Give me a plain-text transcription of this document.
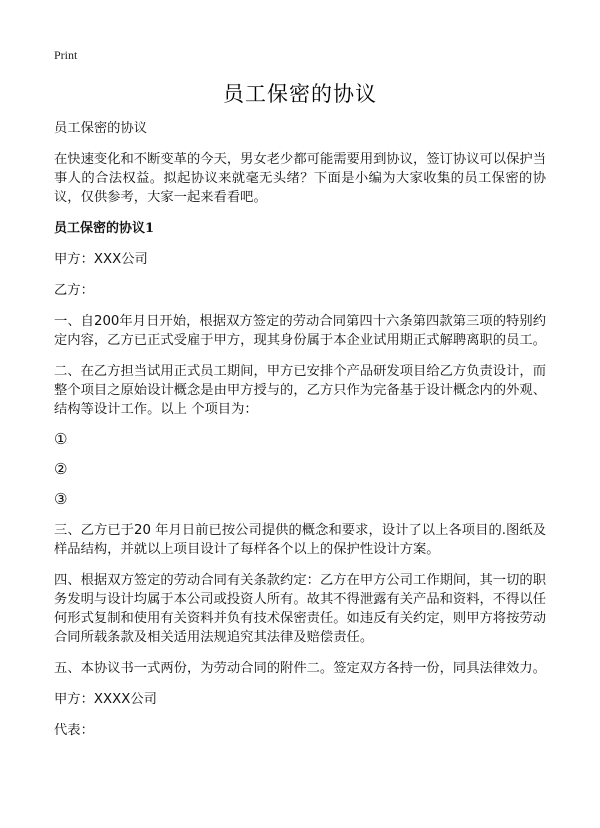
Print
员工保密的协议

员工保密的协议

在快速变化和不断变革的今天，男女老少都可能需要用到协议，签订协议可以保护当事人的合法权益。拟起协议来就毫无头绪？下面是小编为大家收集的员工保密的协议，仅供参考，大家一起来看看吧。

员工保密的协议1

甲方：XXX公司

乙方：

一、自200年月日开始，根据双方签定的劳动合同第四十六条第四款第三项的特别约定内容，乙方已正式受雇于甲方，现其身份属于本企业试用期正式解聘离职的员工。

二、在乙方担当试用正式员工期间，甲方已安排个产品研发项目给乙方负责设计，而整个项目之原始设计概念是由甲方授与的，乙方只作为完备基于设计概念内的外观、结构等设计工作。以上 个项目为：

①

②

③

三、乙方已于20 年月日前已按公司提供的概念和要求，设计了以上各项目的.图纸及样品结构，并就以上项目设计了每样各个以上的保护性设计方案。

四、根据双方签定的劳动合同有关条款约定：乙方在甲方公司工作期间，其一切的职务发明与设计均属于本公司或投资人所有。故其不得泄露有关产品和资料，不得以任何形式复制和使用有关资料并负有技术保密责任。如违反有关约定，则甲方将按劳动合同所载条款及相关适用法规追究其法律及赔偿责任。

五、本协议书一式两份，为劳动合同的附件二。签定双方各持一份，同具法律效力。

甲方：XXXX公司

代表：
